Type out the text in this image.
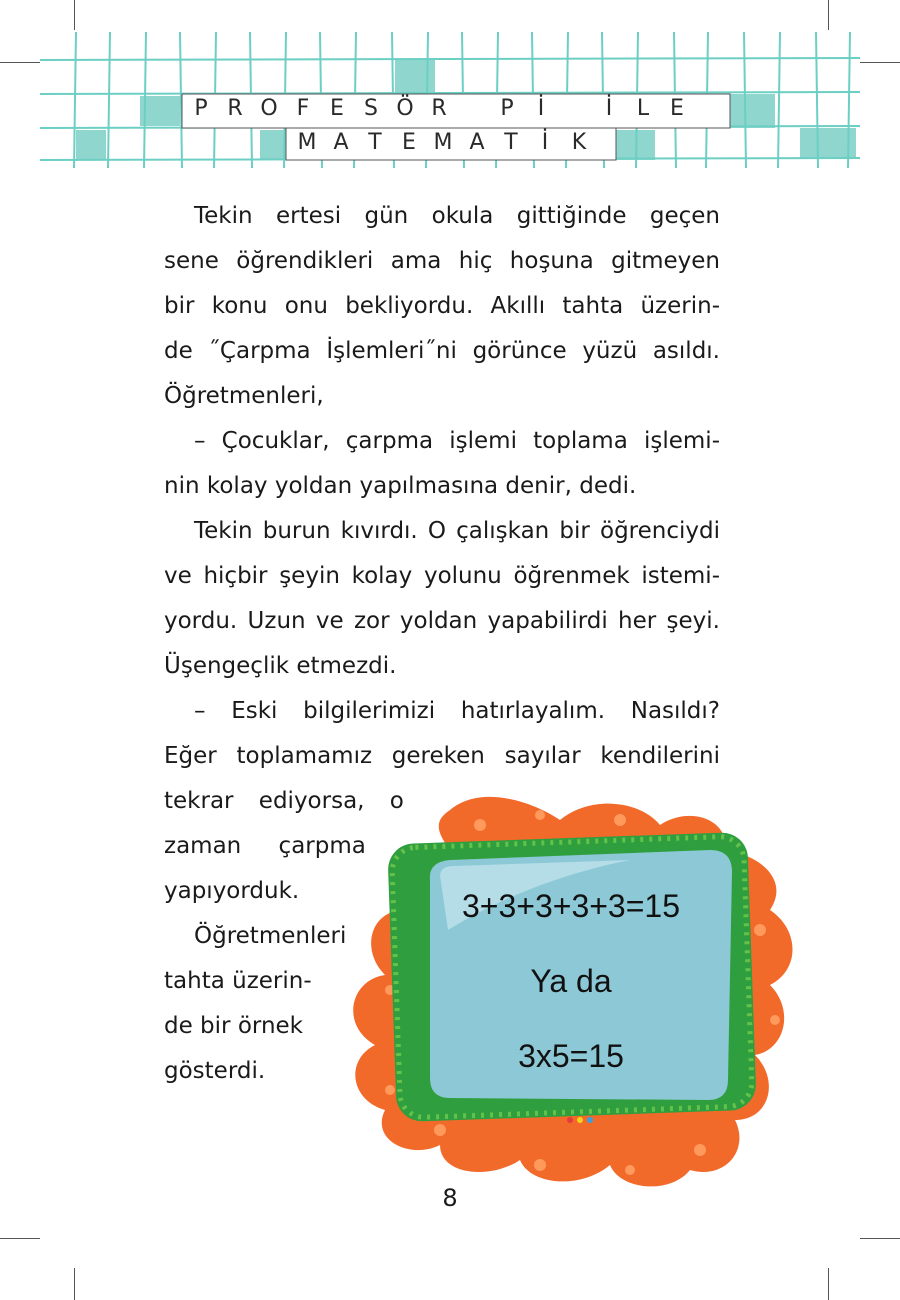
P R O F E S Ö R	P	İ	İ	L E
M A T E M A T	İ	K
Tekin ertesi gün okula gittiğinde geçen
sene öğrendikleri ama hiç hoşuna gitmeyen
bir konu onu bekliyordu. Akıllı tahta üzerin-
de ˝Çarpma İşlemleri˝ni görünce yüzü asıldı.
Öğretmenleri,
– Çocuklar, çarpma işlemi toplama işlemi-
nin kolay yoldan yapılmasına denir, dedi.
Tekin burun kıvırdı. O çalışkan bir öğrenciydi
ve hiçbir şeyin kolay yolunu öğrenmek istemi-
yordu. Uzun ve zor yoldan yapabilirdi her şeyi.
Üşengeçlik etmezdi.
– Eski bilgilerimizi hatırlayalım. Nasıldı?
Eğer toplamamız gereken sayılar kendilerini
3+3+3+3+3=15
Ya da
3x5=15
tekrar ediyorsa, o
zaman çarpma
yapıyorduk.
Öğretmenleri
tahta üzerin-
de bir örnek
gösterdi.
8
